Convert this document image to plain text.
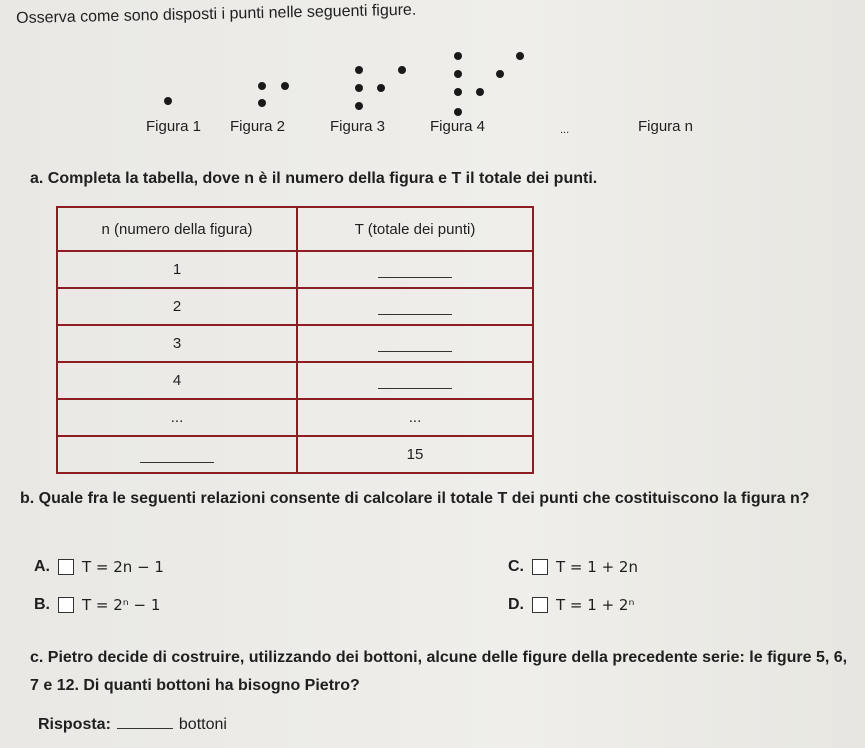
Osserva come sono disposti i punti nelle seguenti figure.
Figura 1 Figura 2	Figura 3	Figura 4	...	Figura n
a. Completa la tabella, dove n è il numero della figura e T il totale dei punti.
n (numero della figura)	T (totale dei punti)
1	
2	
3	
4	
...	...
	15
b. Quale fra le seguenti relazioni consente di calcolare il totale T dei punti che costituiscono la figura n?
A. T = 2n − 1
B. T = 2ⁿ − 1
C. T = 1 + 2n
D. T = 1 + 2ⁿ
c. Pietro decide di costruire, utilizzando dei bottoni, alcune delle figure della precedente serie: le figure 5, 6, 7 e 12. Di quanti bottoni ha bisogno Pietro?
Risposta:	bottoni
